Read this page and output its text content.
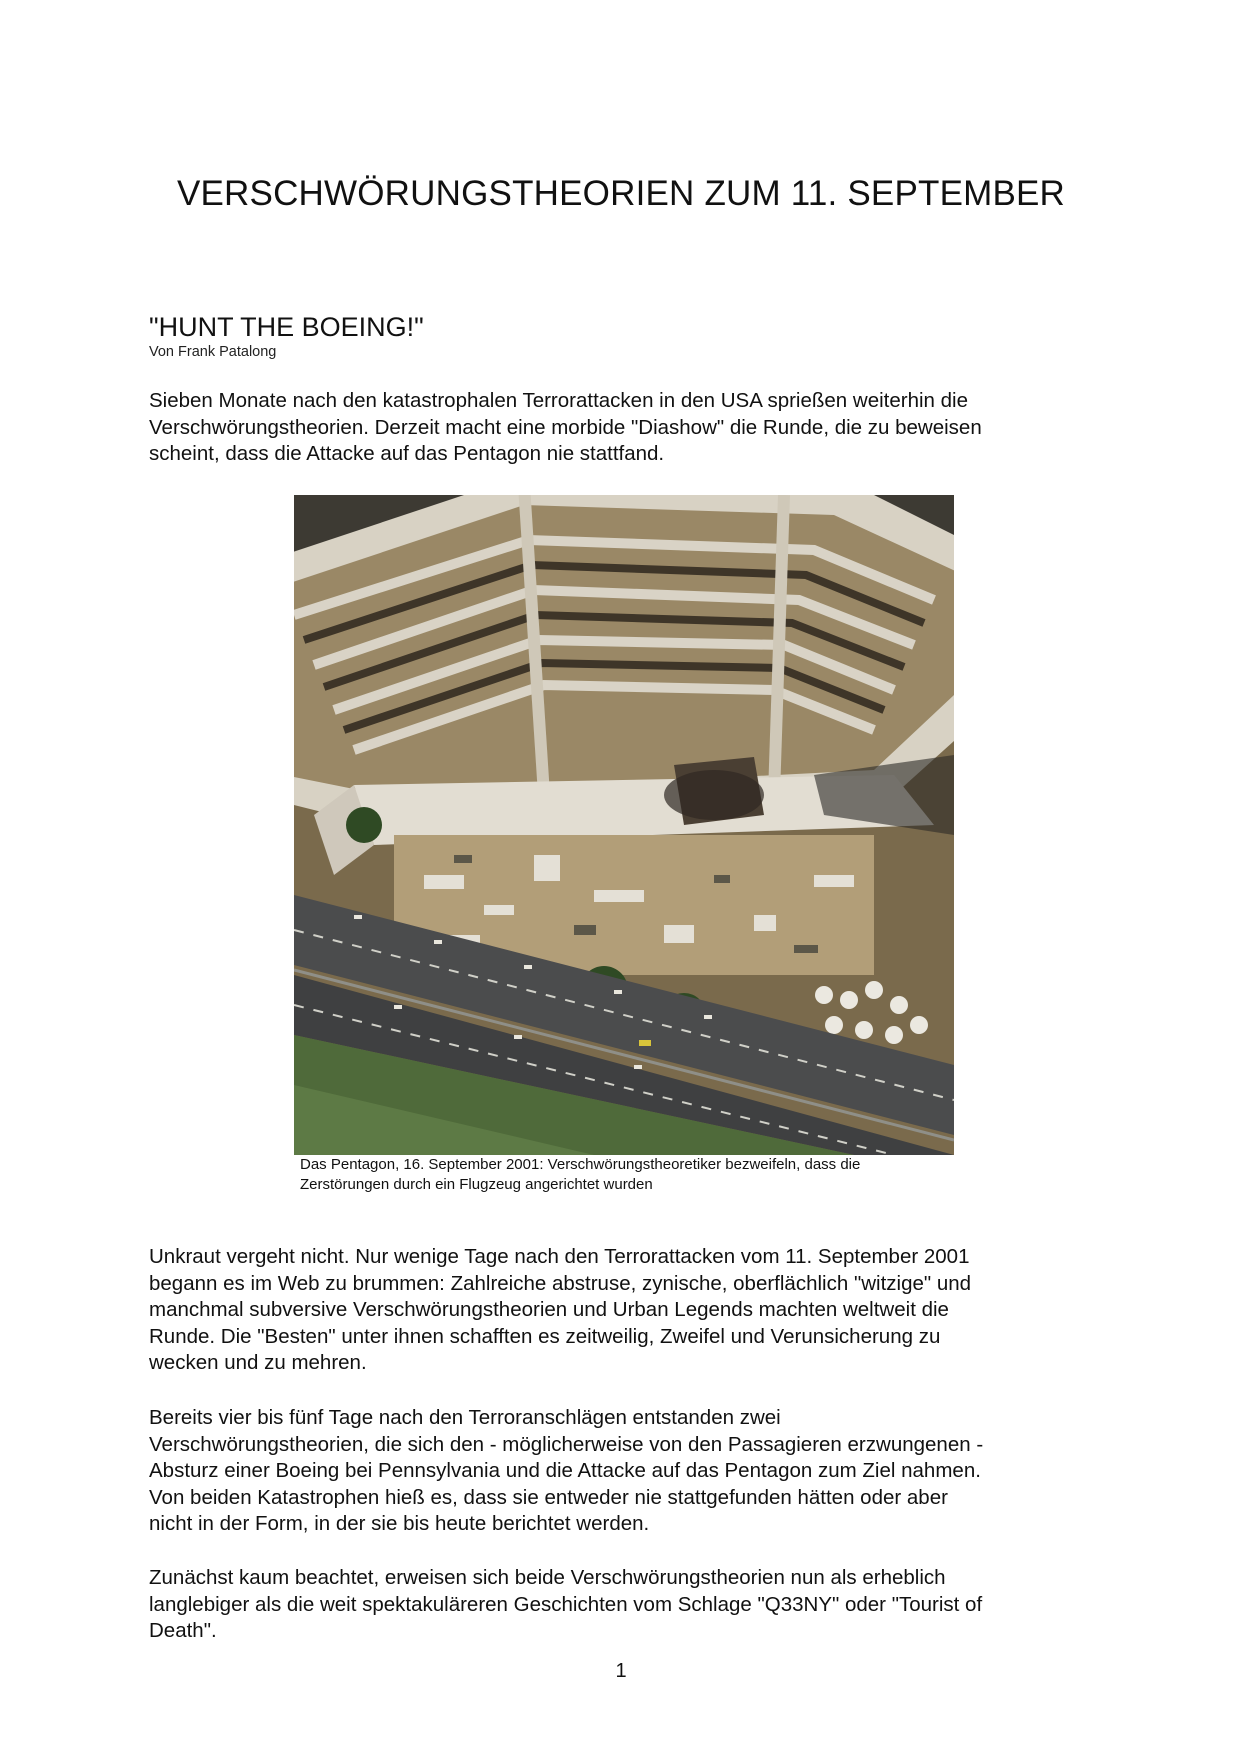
VERSCHWÖRUNGSTHEORIEN ZUM 11. SEPTEMBER
"HUNT THE BOEING!"
Von Frank Patalong
Sieben Monate nach den katastrophalen Terrorattacken in den USA sprießen weiterhin die
Verschwörungstheorien. Derzeit macht eine morbide "Diashow" die Runde, die zu beweisen
scheint, dass die Attacke auf das Pentagon nie stattfand.
Das Pentagon, 16. September 2001: Verschwörungstheoretiker bezweifeln, dass die
Zerstörungen durch ein Flugzeug angerichtet wurden
Unkraut vergeht nicht. Nur wenige Tage nach den Terrorattacken vom 11. September 2001
begann es im Web zu brummen: Zahlreiche abstruse, zynische, oberflächlich "witzige" und
manchmal subversive Verschwörungstheorien und Urban Legends machten weltweit die
Runde. Die "Besten" unter ihnen schafften es zeitweilig, Zweifel und Verunsicherung zu
wecken und zu mehren.
Bereits vier bis fünf Tage nach den Terroranschlägen entstanden zwei
Verschwörungstheorien, die sich den - möglicherweise von den Passagieren erzwungenen -
Absturz einer Boeing bei Pennsylvania und die Attacke auf das Pentagon zum Ziel nahmen.
Von beiden Katastrophen hieß es, dass sie entweder nie stattgefunden hätten oder aber
nicht in der Form, in der sie bis heute berichtet werden.
Zunächst kaum beachtet, erweisen sich beide Verschwörungstheorien nun als erheblich
langlebiger als die weit spektakuläreren Geschichten vom Schlage "Q33NY" oder "Tourist of
Death".
1
